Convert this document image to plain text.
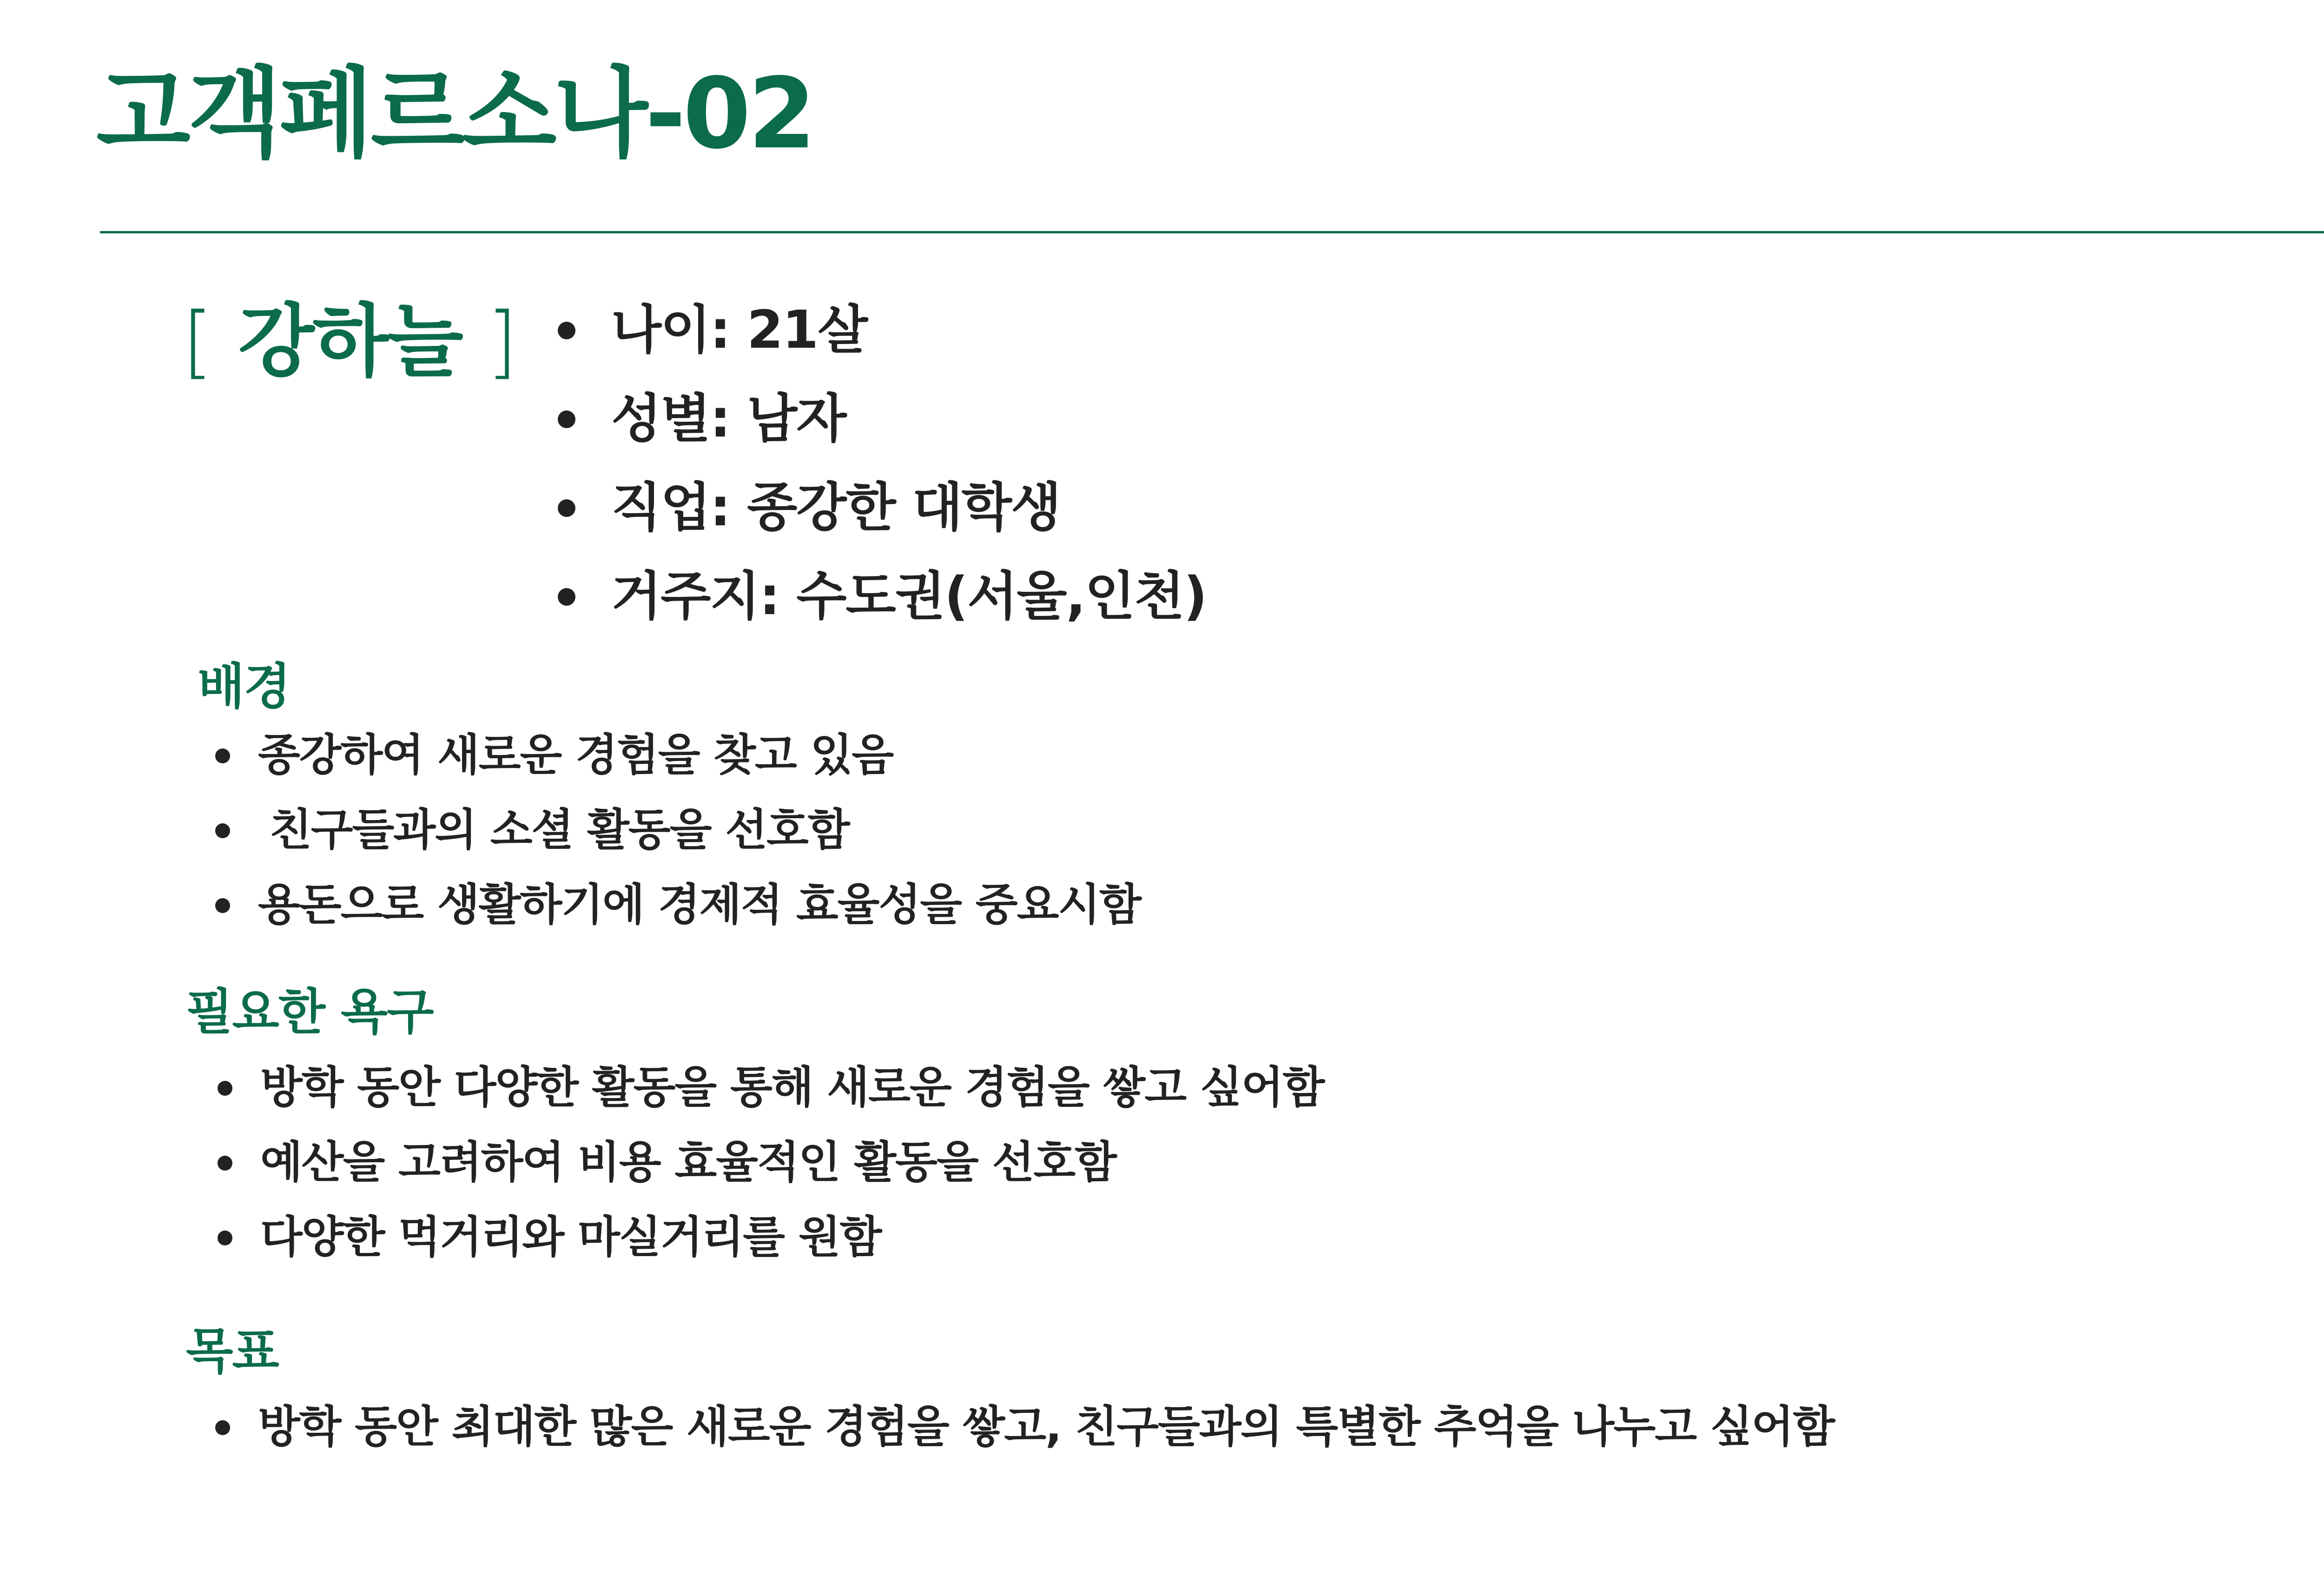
고객페르소나-02
[ 강하늘 ]	나이: 21살
성별: 남자
직업: 종강한 대학생
거주지: 수도권(서울,인천)
배경
종강하여 새로운 경험을 찾고 있음
친구들과의 소셜 활동을 선호함
용돈으로 생활하기에 경제적 효율성을 중요시함
필요한 욕구
방학 동안 다양한 활동을 통해 새로운 경험을 쌓고 싶어함
예산을 고려하여 비용 효율적인 활동을 선호함
다양한 먹거리와 마실거리를 원함
목표
방학 동안 최대한 많은 새로운 경험을 쌓고, 친구들과의 특별한 추억을 나누고 싶어함
